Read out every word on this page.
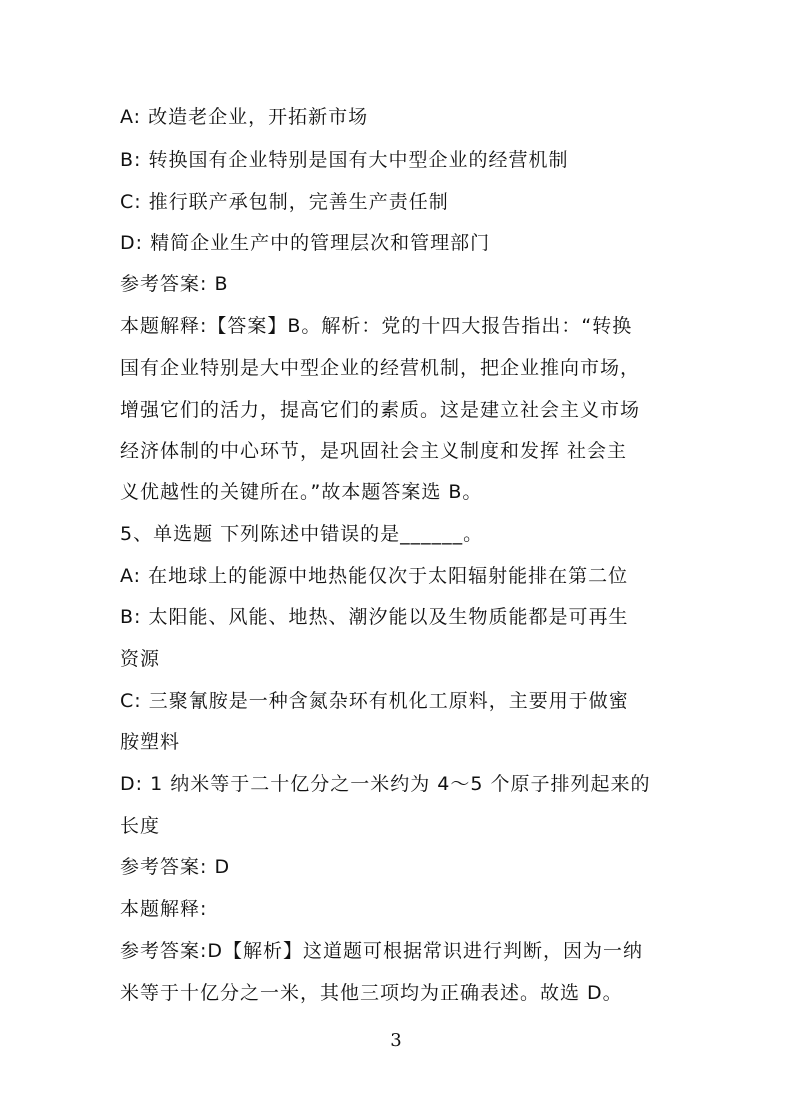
A: 改造老企业，开拓新市场
B: 转换国有企业特别是国有大中型企业的经营机制
C: 推行联产承包制，完善生产责任制
D: 精简企业生产中的管理层次和管理部门
参考答案: B
本题解释:【答案】B。解析：党的十四大报告指出：“转换
国有企业特别是大中型企业的经营机制，把企业推向市场，
增强它们的活力，提高它们的素质。这是建立社会主义市场
经济体制的中心环节，是巩固社会主义制度和发挥 社会主
义优越性的关键所在。”故本题答案选 B。
5、单选题 下列陈述中错误的是______。
A: 在地球上的能源中地热能仅次于太阳辐射能排在第二位
B: 太阳能、风能、地热、潮汐能以及生物质能都是可再生
资源
C: 三聚氰胺是一种含氮杂环有机化工原料，主要用于做蜜
胺塑料
D: 1 纳米等于二十亿分之一米约为 4～5 个原子排列起来的
长度
参考答案: D
本题解释:
参考答案:D【解析】这道题可根据常识进行判断，因为一纳
米等于十亿分之一米，其他三项均为正确表述。故选 D。
3
